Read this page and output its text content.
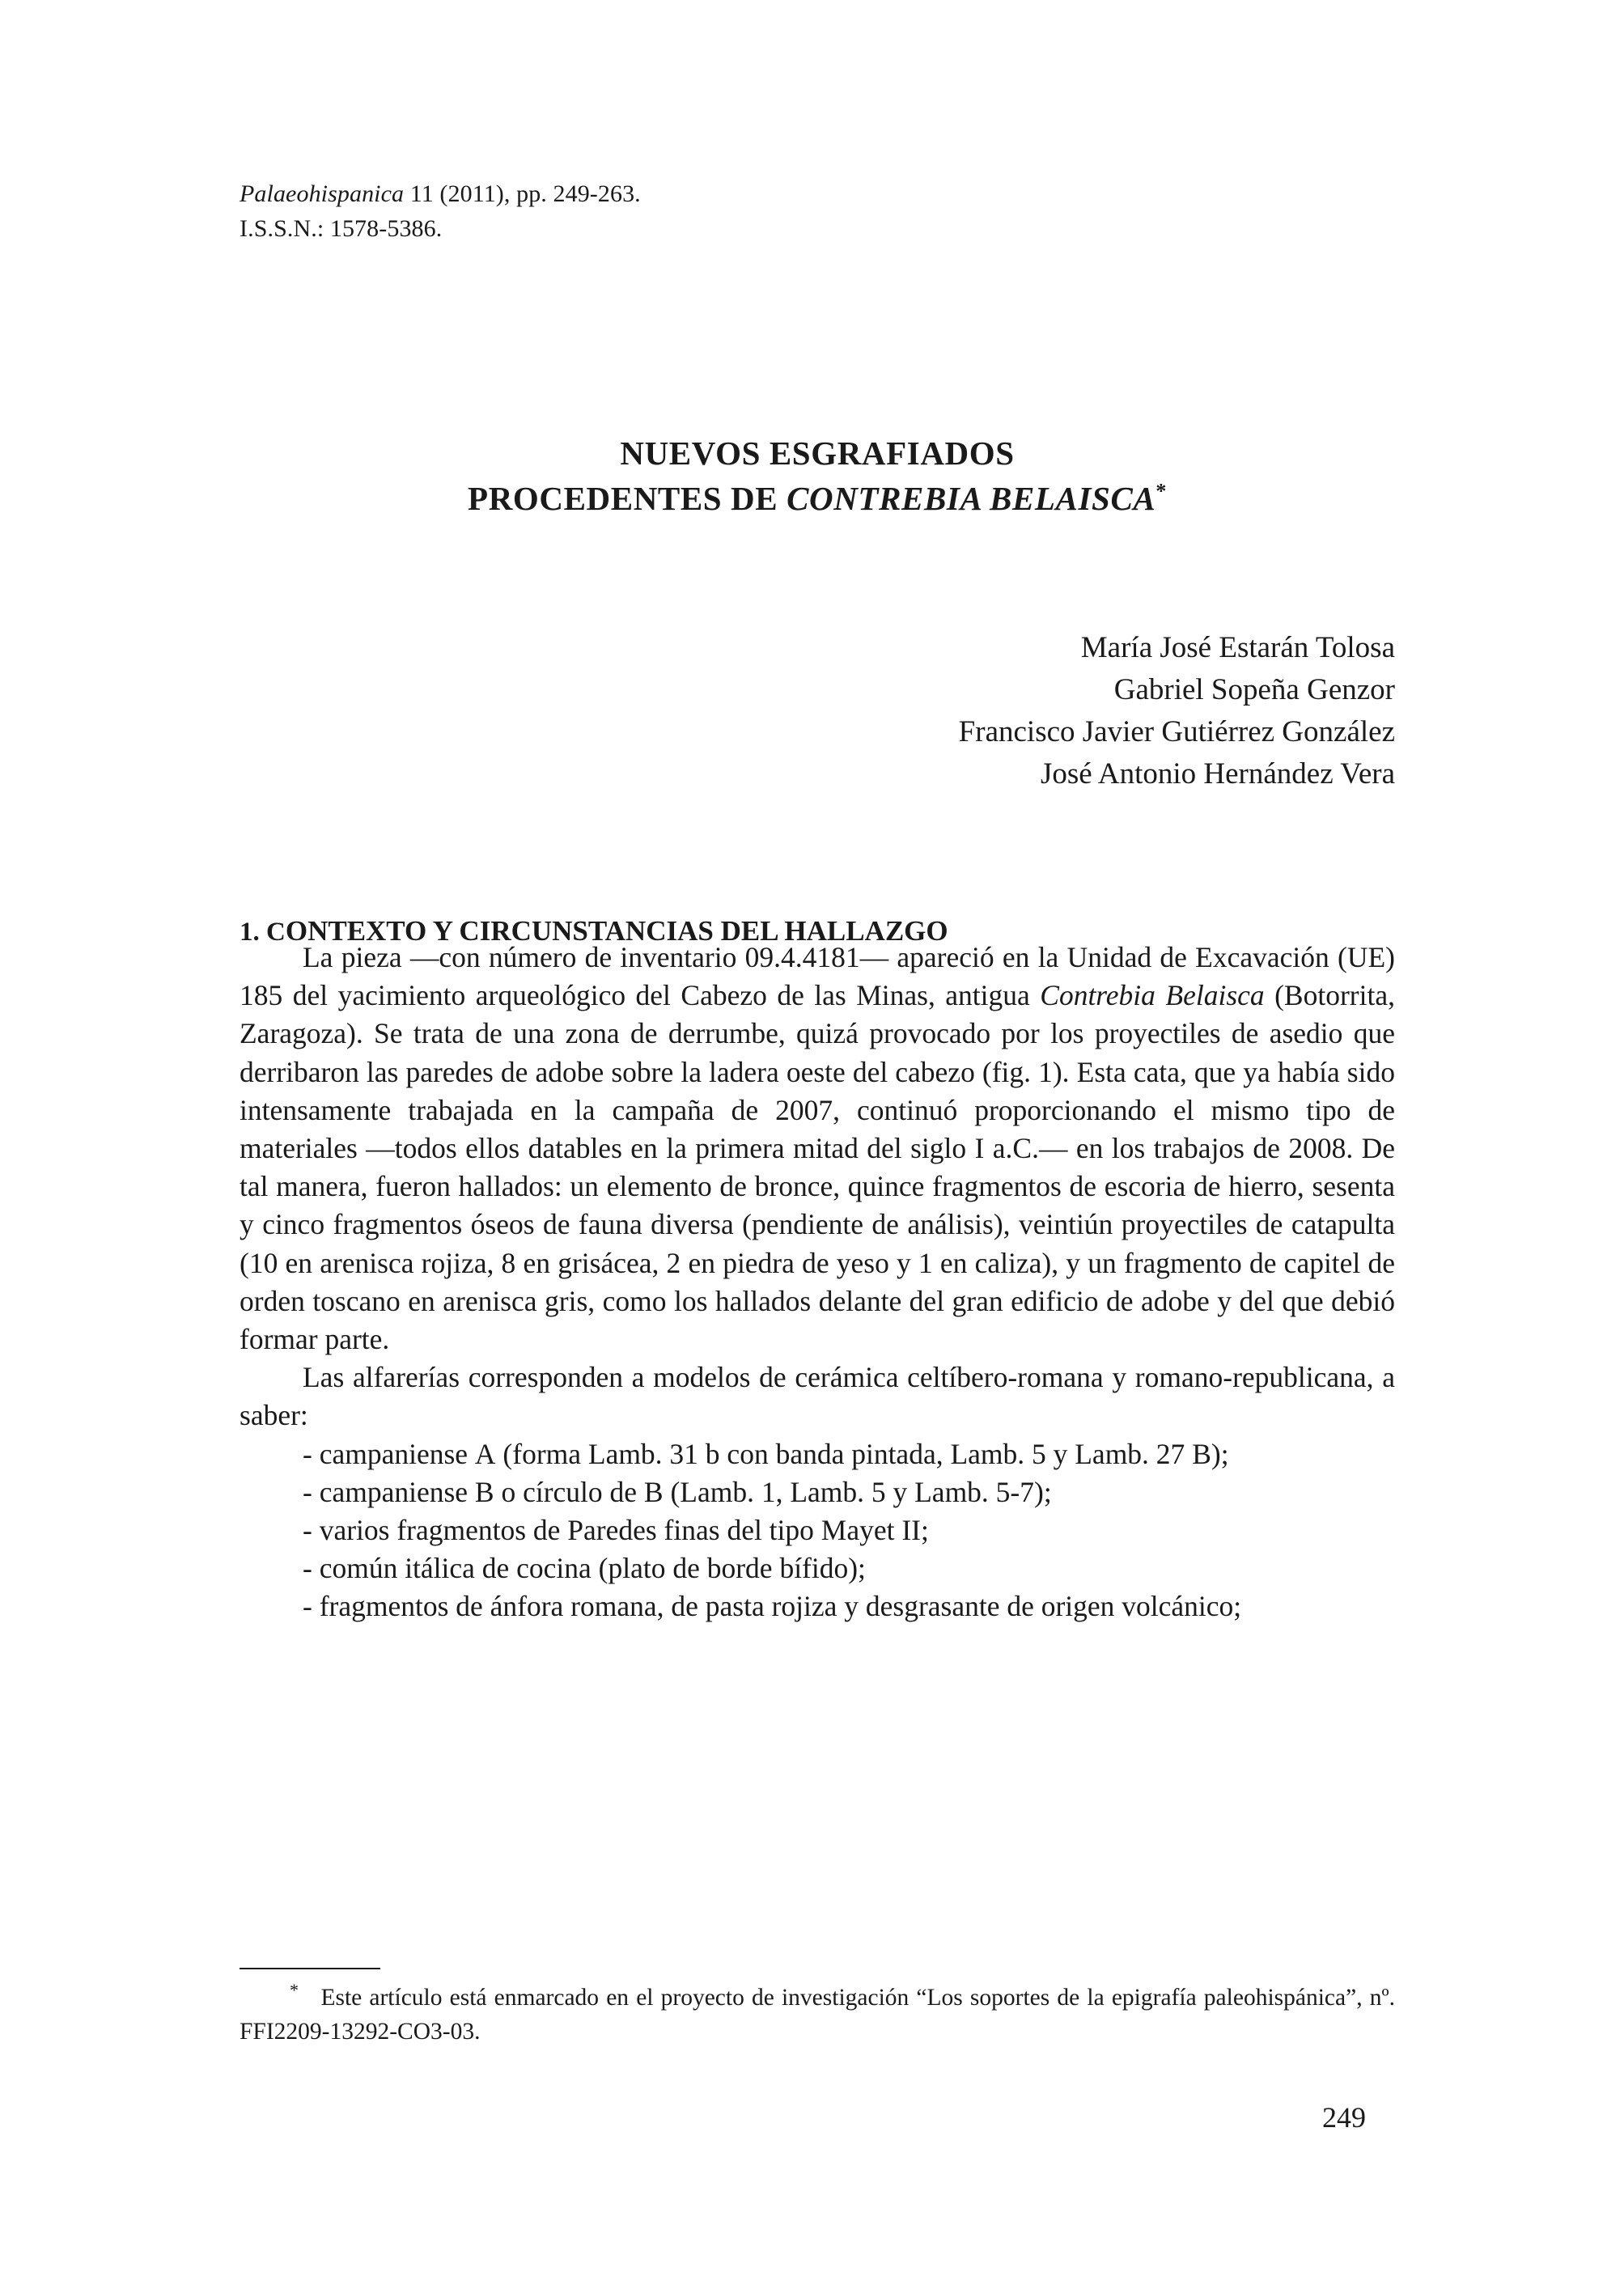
Palaeohispanica 11 (2011), pp. 249-263.
I.S.S.N.: 1578-5386.
NUEVOS ESGRAFIADOS
PROCEDENTES DE CONTREBIA BELAISCA*
María José Estarán Tolosa
Gabriel Sopeña Genzor
Francisco Javier Gutiérrez González
José Antonio Hernández Vera
1. CONTEXTO Y CIRCUNSTANCIAS DEL HALLAZGO

La pieza —con número de inventario 09.4.4181— apareció en la Unidad de Excavación (UE) 185 del yacimiento arqueológico del Cabezo de las Minas, antigua Contrebia Belaisca (Botorrita, Zaragoza). Se trata de una zona de derrumbe, quizá provocado por los proyectiles de asedio que derribaron las paredes de adobe sobre la ladera oeste del cabezo (fig. 1). Esta cata, que ya había sido intensamente trabajada en la campaña de 2007, continuó proporcionando el mismo tipo de materiales —todos ellos datables en la primera mitad del siglo I a.C.— en los trabajos de 2008. De tal manera, fueron hallados: un elemento de bronce, quince fragmentos de escoria de hierro, sesenta y cinco fragmentos óseos de fauna diversa (pendiente de análisis), veintiún proyectiles de catapulta (10 en arenisca rojiza, 8 en grisácea, 2 en piedra de yeso y 1 en caliza), y un fragmento de capitel de orden toscano en arenisca gris, como los hallados delante del gran edificio de adobe y del que debió formar parte.

Las alfarerías corresponden a modelos de cerámica celtíbero-romana y romano-republicana, a saber:

- campaniense A (forma Lamb. 31 b con banda pintada, Lamb. 5 y Lamb. 27 B);

- campaniense B o círculo de B (Lamb. 1, Lamb. 5 y Lamb. 5-7);

- varios fragmentos de Paredes finas del tipo Mayet II;

- común itálica de cocina (plato de borde bífido);

- fragmentos de ánfora romana, de pasta rojiza y desgrasante de origen volcánico;

* Este artículo está enmarcado en el proyecto de investigación “Los soportes de la epigrafía paleohispánica”, nº. FFI2209-13292-CO3-03.
249
